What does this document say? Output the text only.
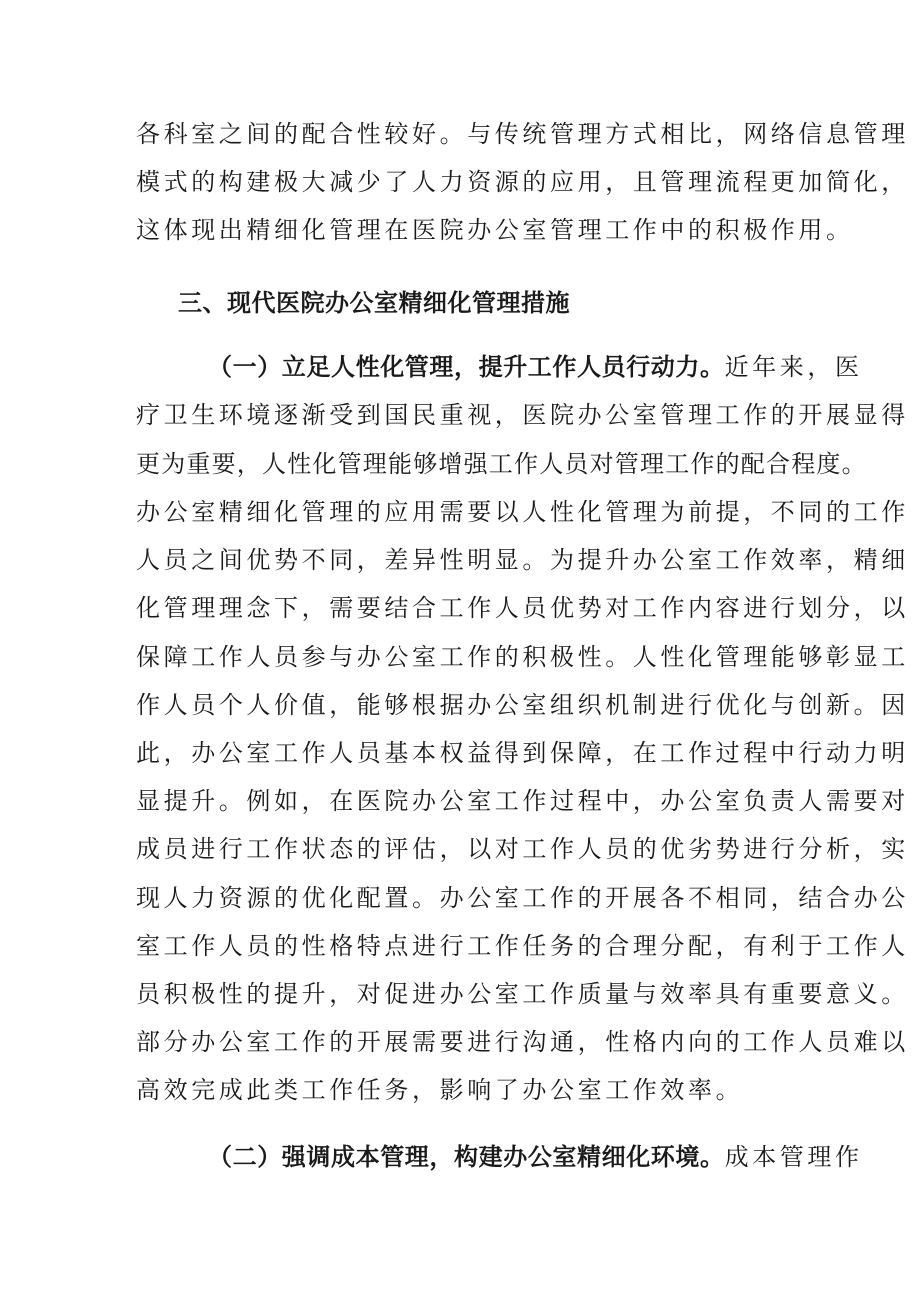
各科室之间的配合性较好。与传统管理方式相比，网络信息管理
模式的构建极大减少了人力资源的应用，且管理流程更加简化，
这体现出精细化管理在医院办公室管理工作中的积极作用。
三、现代医院办公室精细化管理措施
（一）立足人性化管理，提升工作人员行动力。近年来，医
疗卫生环境逐渐受到国民重视，医院办公室管理工作的开展显得
更为重要，人性化管理能够增强工作人员对管理工作的配合程度。
办公室精细化管理的应用需要以人性化管理为前提，不同的工作
人员之间优势不同，差异性明显。为提升办公室工作效率，精细
化管理理念下，需要结合工作人员优势对工作内容进行划分，以
保障工作人员参与办公室工作的积极性。人性化管理能够彰显工
作人员个人价值，能够根据办公室组织机制进行优化与创新。因
此，办公室工作人员基本权益得到保障，在工作过程中行动力明
显提升。例如，在医院办公室工作过程中，办公室负责人需要对
成员进行工作状态的评估，以对工作人员的优劣势进行分析，实
现人力资源的优化配置。办公室工作的开展各不相同，结合办公
室工作人员的性格特点进行工作任务的合理分配，有利于工作人
员积极性的提升，对促进办公室工作质量与效率具有重要意义。
部分办公室工作的开展需要进行沟通，性格内向的工作人员难以
高效完成此类工作任务，影响了办公室工作效率。
（二）强调成本管理，构建办公室精细化环境。成本管理作
